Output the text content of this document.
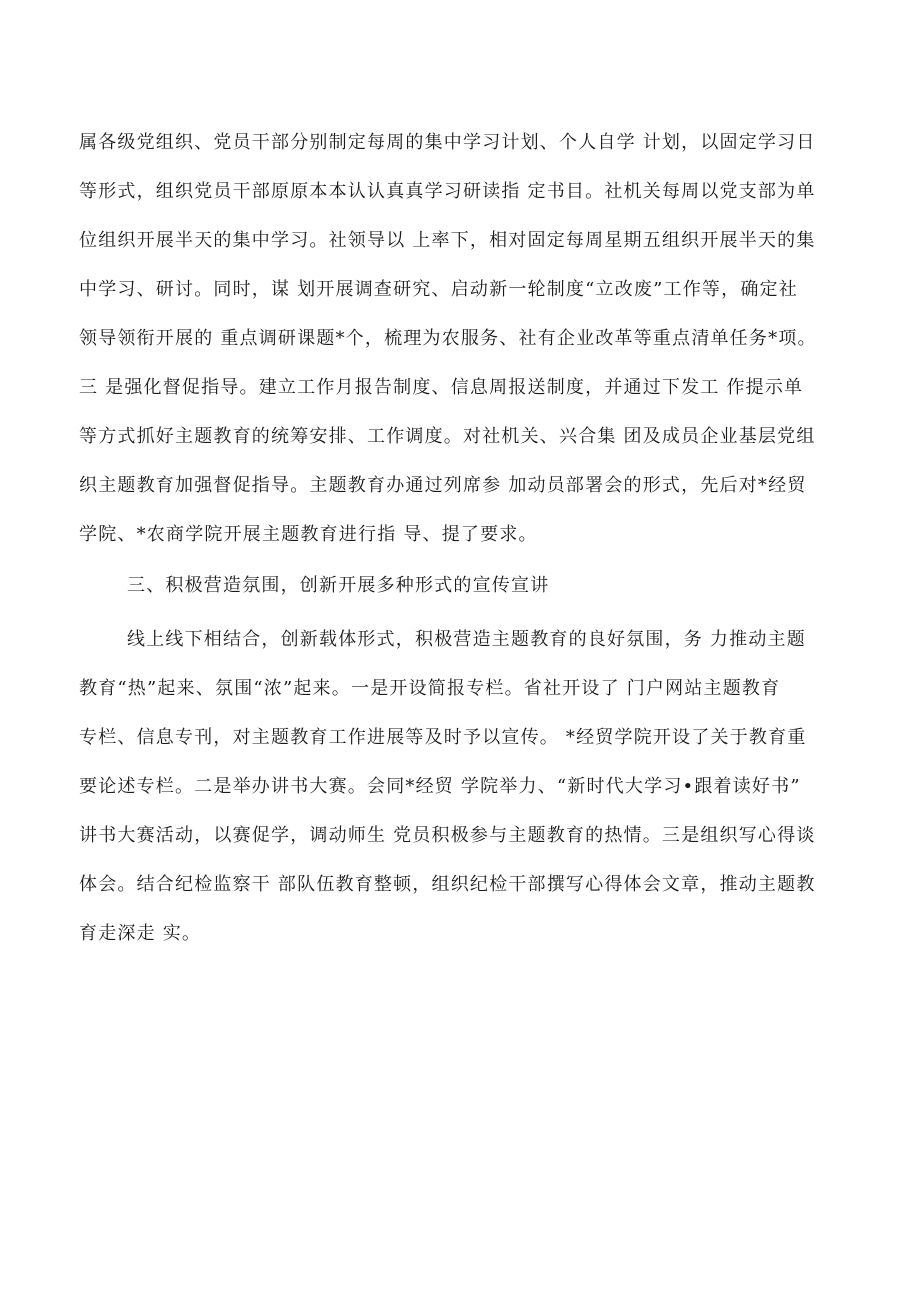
属各级党组织、党员干部分别制定每周的集中学习计划、个人自学 计划，以固定学习日
等形式，组织党员干部原原本本认认真真学习研读指 定书目。社机关每周以党支部为单
位组织开展半天的集中学习。社领导以 上率下，相对固定每周星期五组织开展半天的集
中学习、研讨。同时，谋 划开展调查研究、启动新一轮制度“立改废”工作等，确定社
领导领衔开展的 重点调研课题*个，梳理为农服务、社有企业改革等重点清单任务*项。
三 是强化督促指导。建立工作月报告制度、信息周报送制度，并通过下发工 作提示单
等方式抓好主题教育的统筹安排、工作调度。对社机关、兴合集 团及成员企业基层党组
织主题教育加强督促指导。主题教育办通过列席参 加动员部署会的形式，先后对*经贸
学院、*农商学院开展主题教育进行指 导、提了要求。
三、积极营造氛围，创新开展多种形式的宣传宣讲
线上线下相结合，创新载体形式，积极营造主题教育的良好氛围，务 力推动主题
教育“热”起来、氛围“浓”起来。一是开设简报专栏。省社开设了 门户网站主题教育
专栏、信息专刊，对主题教育工作进展等及时予以宣传。 *经贸学院开设了关于教育重
要论述专栏。二是举办讲书大赛。会同*经贸 学院举力、“新时代大学习•跟着读好书”
讲书大赛活动，以赛促学，调动师生 党员积极参与主题教育的热情。三是组织写心得谈
体会。结合纪检监察干 部队伍教育整顿，组织纪检干部撰写心得体会文章，推动主题教
育走深走 实。
